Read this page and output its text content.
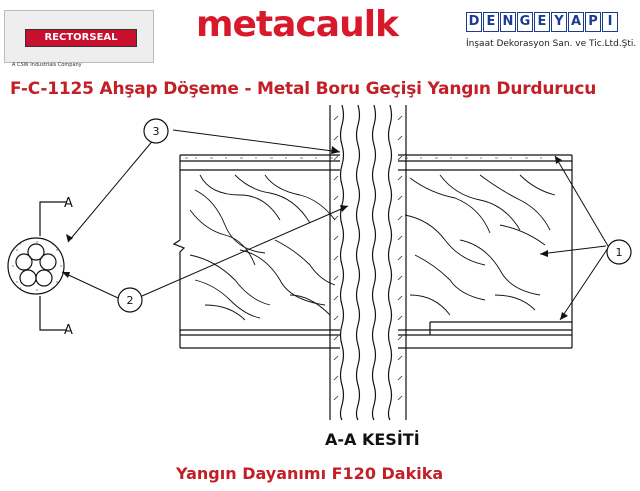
RECTORSEAL
A CSW Industrials Company
metacaulk	D E N G E Y A P I
İnşaat Dekorasyon San. ve Tic.Ltd.Şti.
F-C-1125 Ahşap Döşeme - Metal Boru Geçişi Yangın Durdurucu
3
2
1
A
A
A-A KESİTİ
Yangın Dayanımı F120 Dakika
